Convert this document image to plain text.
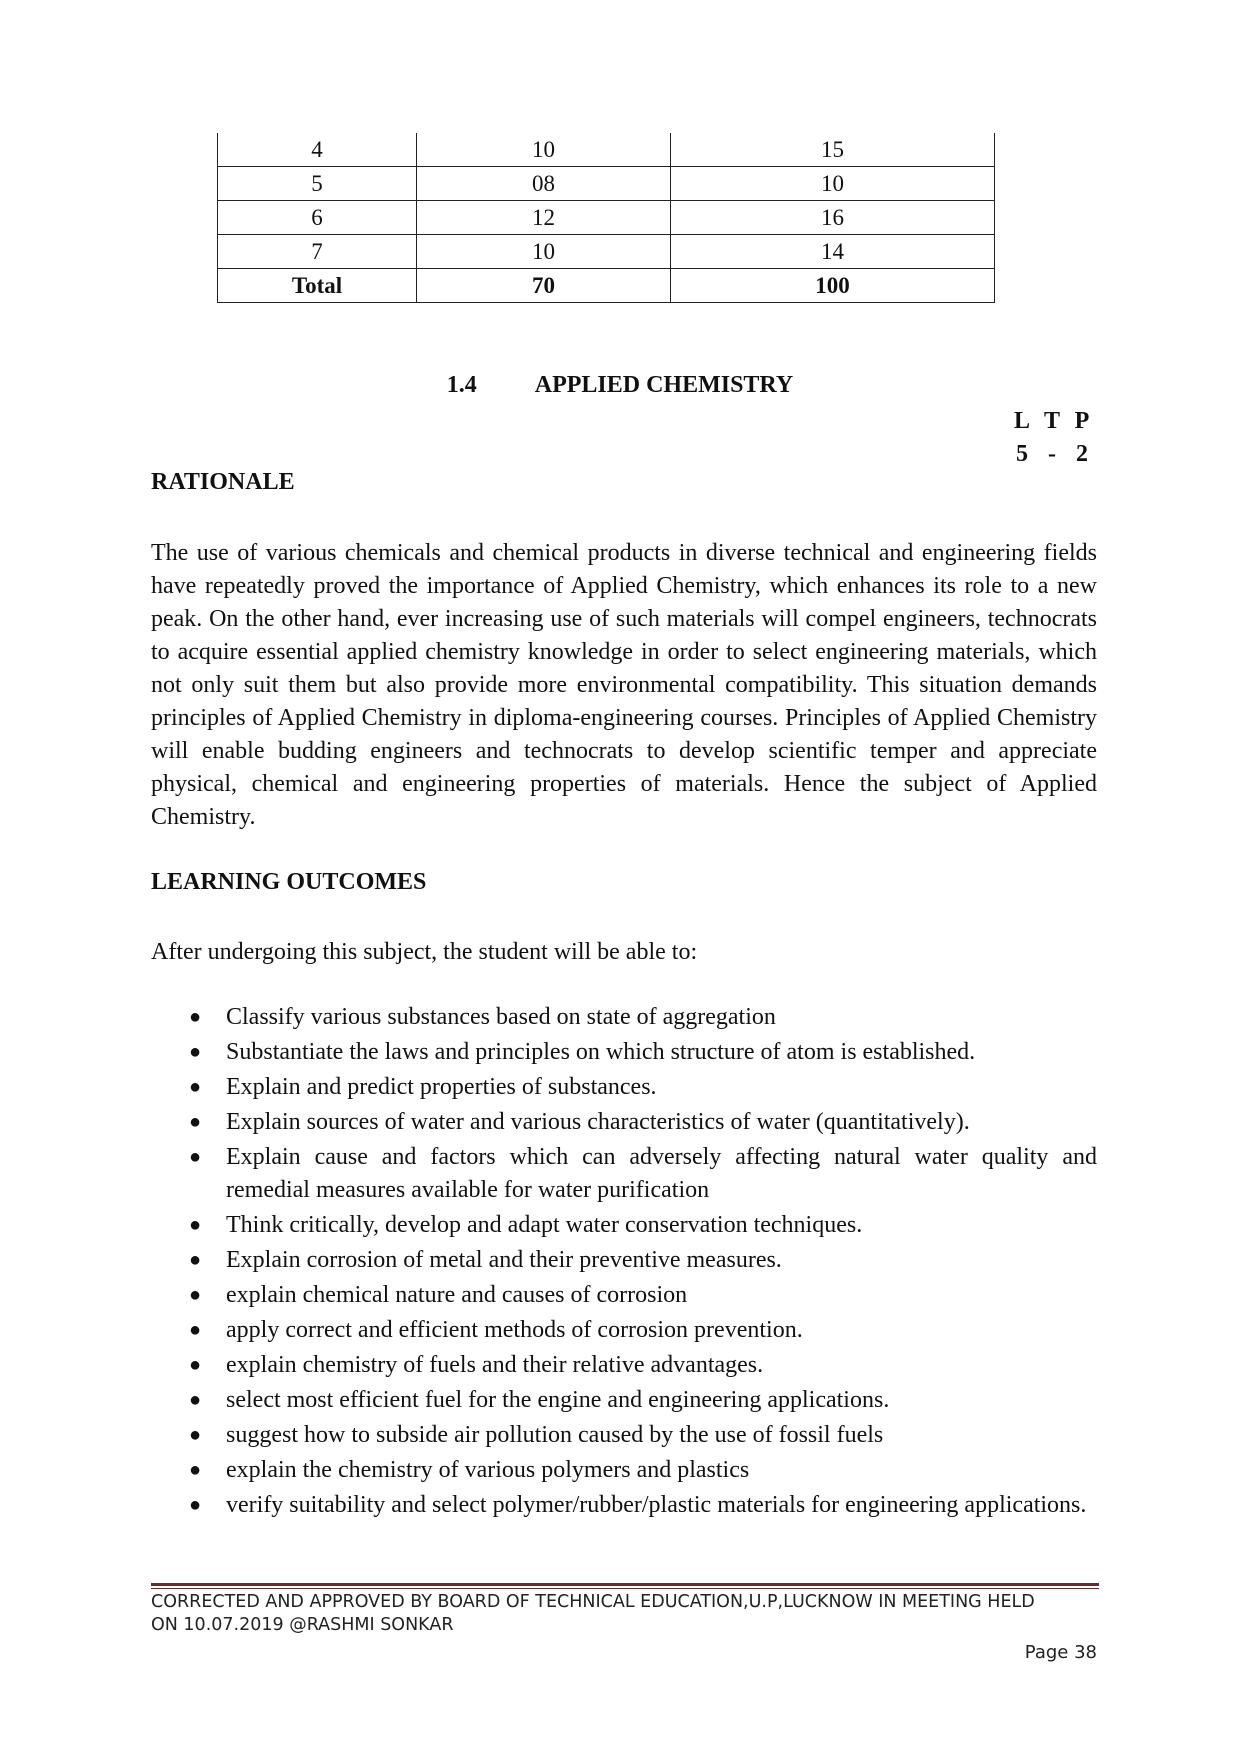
4	10	15
5	08	10
6	12	16
7	10	14
Total	70	100
1.4 APPLIED CHEMISTRY
L T P
5 - 2
RATIONALE
The use of various chemicals and chemical products in diverse technical and engineering fields have repeatedly proved the importance of Applied Chemistry, which enhances its role to a new peak. On the other hand, ever increasing use of such materials will compel engineers, technocrats to acquire essential applied chemistry knowledge in order to select engineering materials, which not only suit them but also provide more environmental compatibility. This situation demands principles of Applied Chemistry in diploma-engineering courses. Principles of Applied Chemistry will enable budding engineers and technocrats to develop scientific temper and appreciate physical, chemical and engineering properties of materials. Hence the subject of Applied Chemistry.
LEARNING OUTCOMES
After undergoing this subject, the student will be able to:
● Classify various substances based on state of aggregation
● Substantiate the laws and principles on which structure of atom is established.
● Explain and predict properties of substances.
● Explain sources of water and various characteristics of water (quantitatively).
● Explain cause and factors which can adversely affecting natural water quality and remedial measures available for water purification
● Think critically, develop and adapt water conservation techniques.
● Explain corrosion of metal and their preventive measures.
● explain chemical nature and causes of corrosion
● apply correct and efficient methods of corrosion prevention.
● explain chemistry of fuels and their relative advantages.
● select most efficient fuel for the engine and engineering applications.
● suggest how to subside air pollution caused by the use of fossil fuels
● explain the chemistry of various polymers and plastics
● verify suitability and select polymer/rubber/plastic materials for engineering applications.
CORRECTED AND APPROVED BY BOARD OF TECHNICAL EDUCATION,U.P,LUCKNOW IN MEETING HELD
ON 10.07.2019 @RASHMI SONKAR
Page 38
